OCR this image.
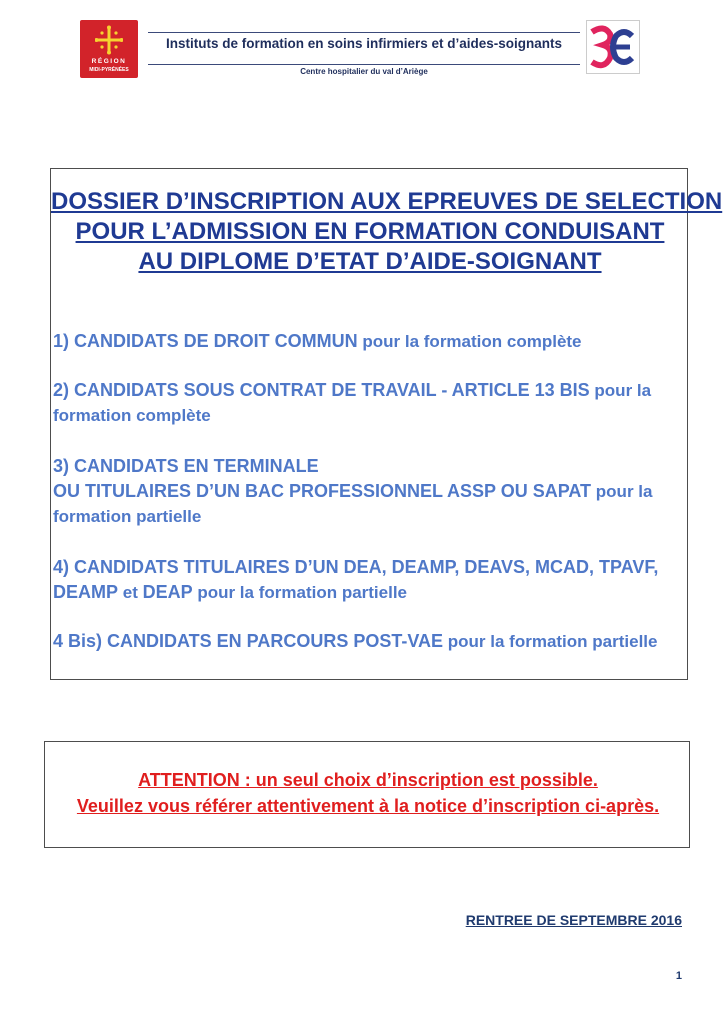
RÉGION
MIDI-PYRÉNÉES
Instituts de formation en soins infirmiers et d’aides-soignants
Centre hospitalier du val d’Ariège
DOSSIER D’INSCRIPTION AUX EPREUVES DE SELECTION
POUR L’ADMISSION EN FORMATION CONDUISANT
AU DIPLOME D’ETAT D’AIDE-SOIGNANT
1) CANDIDATS DE DROIT COMMUN pour la formation complète
2) CANDIDATS SOUS CONTRAT DE TRAVAIL - ARTICLE 13 BIS pour la formation complète
3) CANDIDATS EN TERMINALE
OU TITULAIRES D’UN BAC PROFESSIONNEL ASSP OU SAPAT pour la formation partielle
4) CANDIDATS TITULAIRES D’UN DEA, DEAMP, DEAVS, MCAD, TPAVF, DEAMP et DEAP pour la formation partielle
4 Bis) CANDIDATS EN PARCOURS POST-VAE pour la formation partielle
ATTENTION : un seul choix d’inscription est possible.
Veuillez vous référer attentivement à la notice d’inscription ci-après.
RENTREE DE SEPTEMBRE 2016
1
